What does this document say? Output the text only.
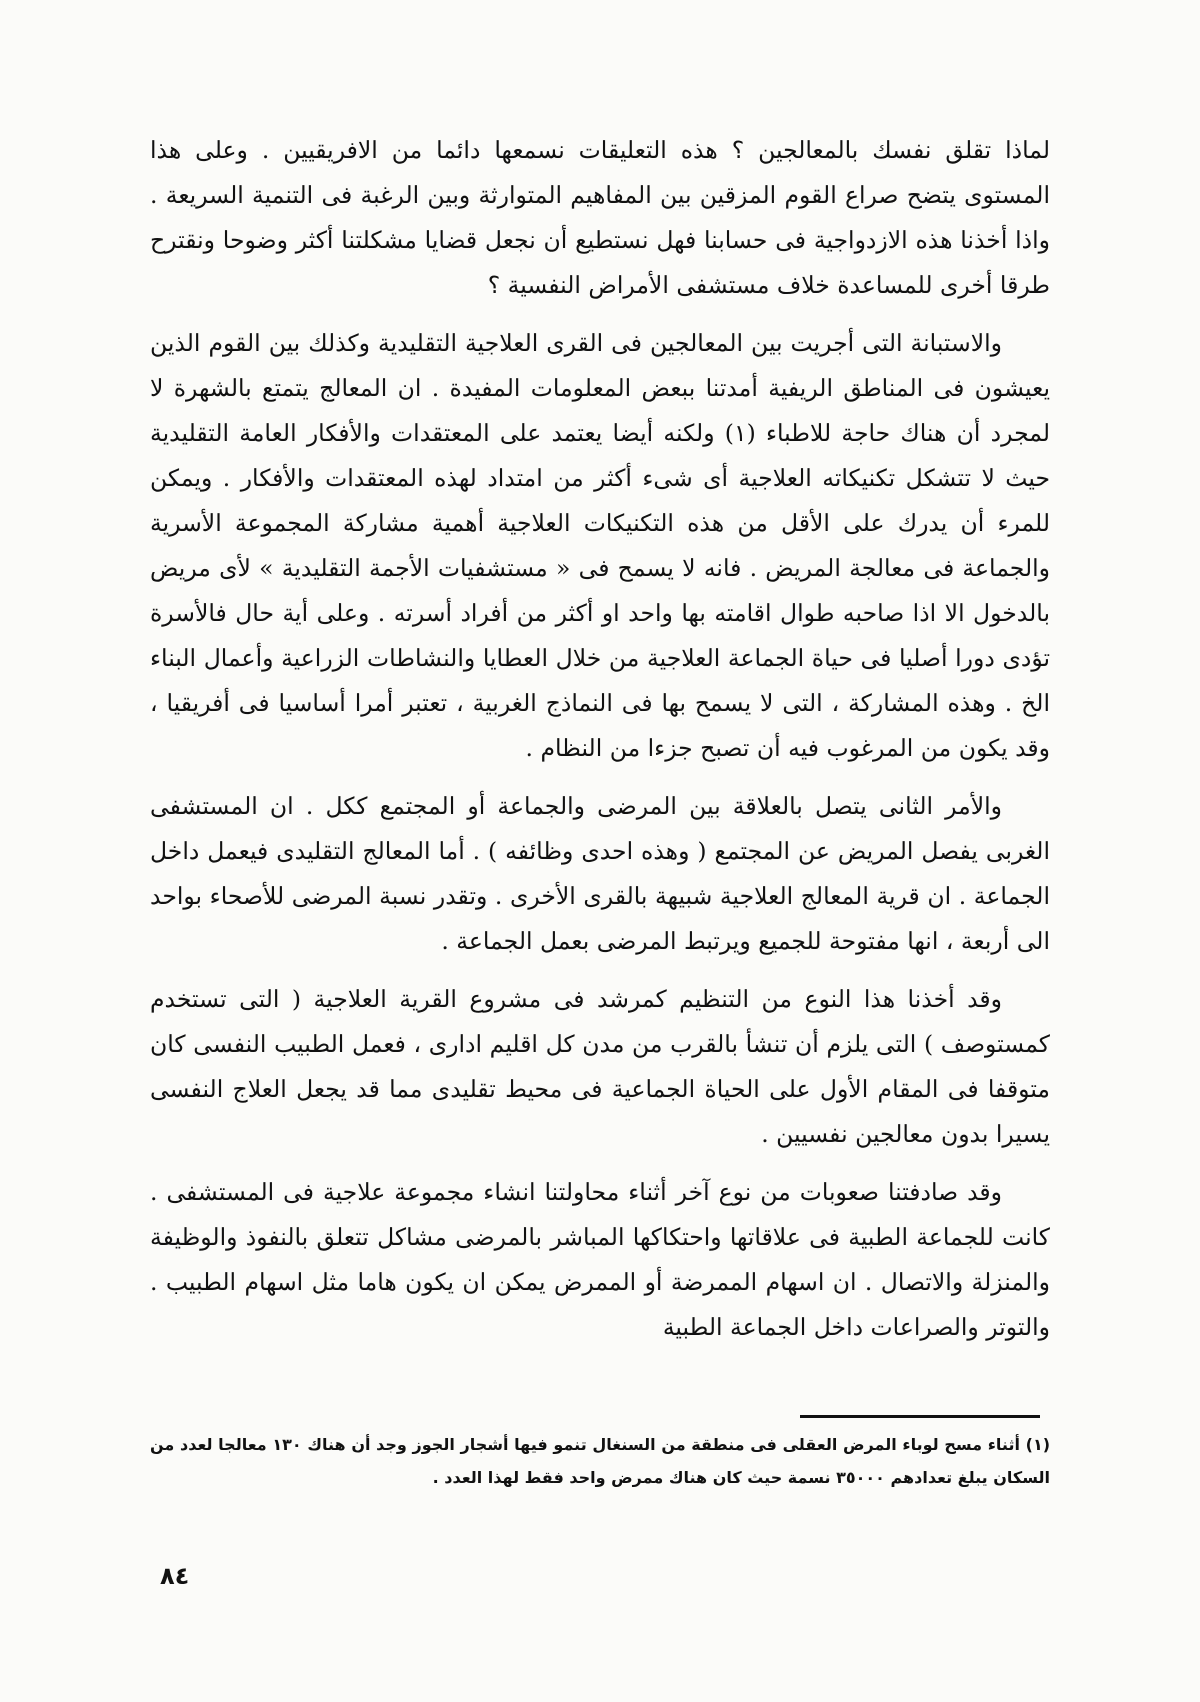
لماذا تقلق نفسك بالمعالجين ؟ هذه التعليقات نسمعها دائما من الافريقيين . وعلى هذا المستوى يتضح صراع القوم المزقين بين المفاهيم المتوارثة وبين الرغبة فى التنمية السريعة . واذا أخذنا هذه الازدواجية فى حسابنا فهل نستطيع أن نجعل قضايا مشكلتنا أكثر وضوحا ونقترح طرقا أخرى للمساعدة خلاف مستشفى الأمراض النفسية ؟

والاستبانة التى أجريت بين المعالجين فى القرى العلاجية التقليدية وكذلك بين القوم الذين يعيشون فى المناطق الريفية أمدتنا ببعض المعلومات المفيدة . ان المعالج يتمتع بالشهرة لا لمجرد أن هناك حاجة للاطباء (١) ولكنه أيضا يعتمد على المعتقدات والأفكار العامة التقليدية حيث لا تتشكل تكنيكاته العلاجية أى شىء أكثر من امتداد لهذه المعتقدات والأفكار . ويمكن للمرء أن يدرك على الأقل من هذه التكنيكات العلاجية أهمية مشاركة المجموعة الأسرية والجماعة فى معالجة المريض . فانه لا يسمح فى « مستشفيات الأجمة التقليدية » لأى مريض بالدخول الا اذا صاحبه طوال اقامته بها واحد او أكثر من أفراد أسرته . وعلى أية حال فالأسرة تؤدى دورا أصليا فى حياة الجماعة العلاجية من خلال العطايا والنشاطات الزراعية وأعمال البناء الخ . وهذه المشاركة ، التى لا يسمح بها فى النماذج الغربية ، تعتبر أمرا أساسيا فى أفريقيا ، وقد يكون من المرغوب فيه أن تصبح جزءا من النظام .

والأمر الثانى يتصل بالعلاقة بين المرضى والجماعة أو المجتمع ككل . ان المستشفى الغربى يفصل المريض عن المجتمع ( وهذه احدى وظائفه ) . أما المعالج التقليدى فيعمل داخل الجماعة . ان قرية المعالج العلاجية شبيهة بالقرى الأخرى . وتقدر نسبة المرضى للأصحاء بواحد الى أربعة ، انها مفتوحة للجميع ويرتبط المرضى بعمل الجماعة .

وقد أخذنا هذا النوع من التنظيم كمرشد فى مشروع القرية العلاجية ( التى تستخدم كمستوصف ) التى يلزم أن تنشأ بالقرب من مدن كل اقليم ادارى ، فعمل الطبيب النفسى كان متوقفا فى المقام الأول على الحياة الجماعية فى محيط تقليدى مما قد يجعل العلاج النفسى يسيرا بدون معالجين نفسيين .

وقد صادفتنا صعوبات من نوع آخر أثناء محاولتنا انشاء مجموعة علاجية فى المستشفى . كانت للجماعة الطبية فى علاقاتها واحتكاكها المباشر بالمرضى مشاكل تتعلق بالنفوذ والوظيفة والمنزلة والاتصال . ان اسهام الممرضة أو الممرض يمكن ان يكون هاما مثل اسهام الطبيب . والتوتر والصراعات داخل الجماعة الطبية

(١) أثناء مسح لوباء المرض العقلى فى منطقة من السنغال تنمو فيها أشجار الجوز وجد أن هناك ١٣٠ معالجا لعدد من السكان يبلغ تعدادهم ٣٥٠٠٠ نسمة حيث كان هناك ممرض واحد فقط لهذا العدد .
٨٤
